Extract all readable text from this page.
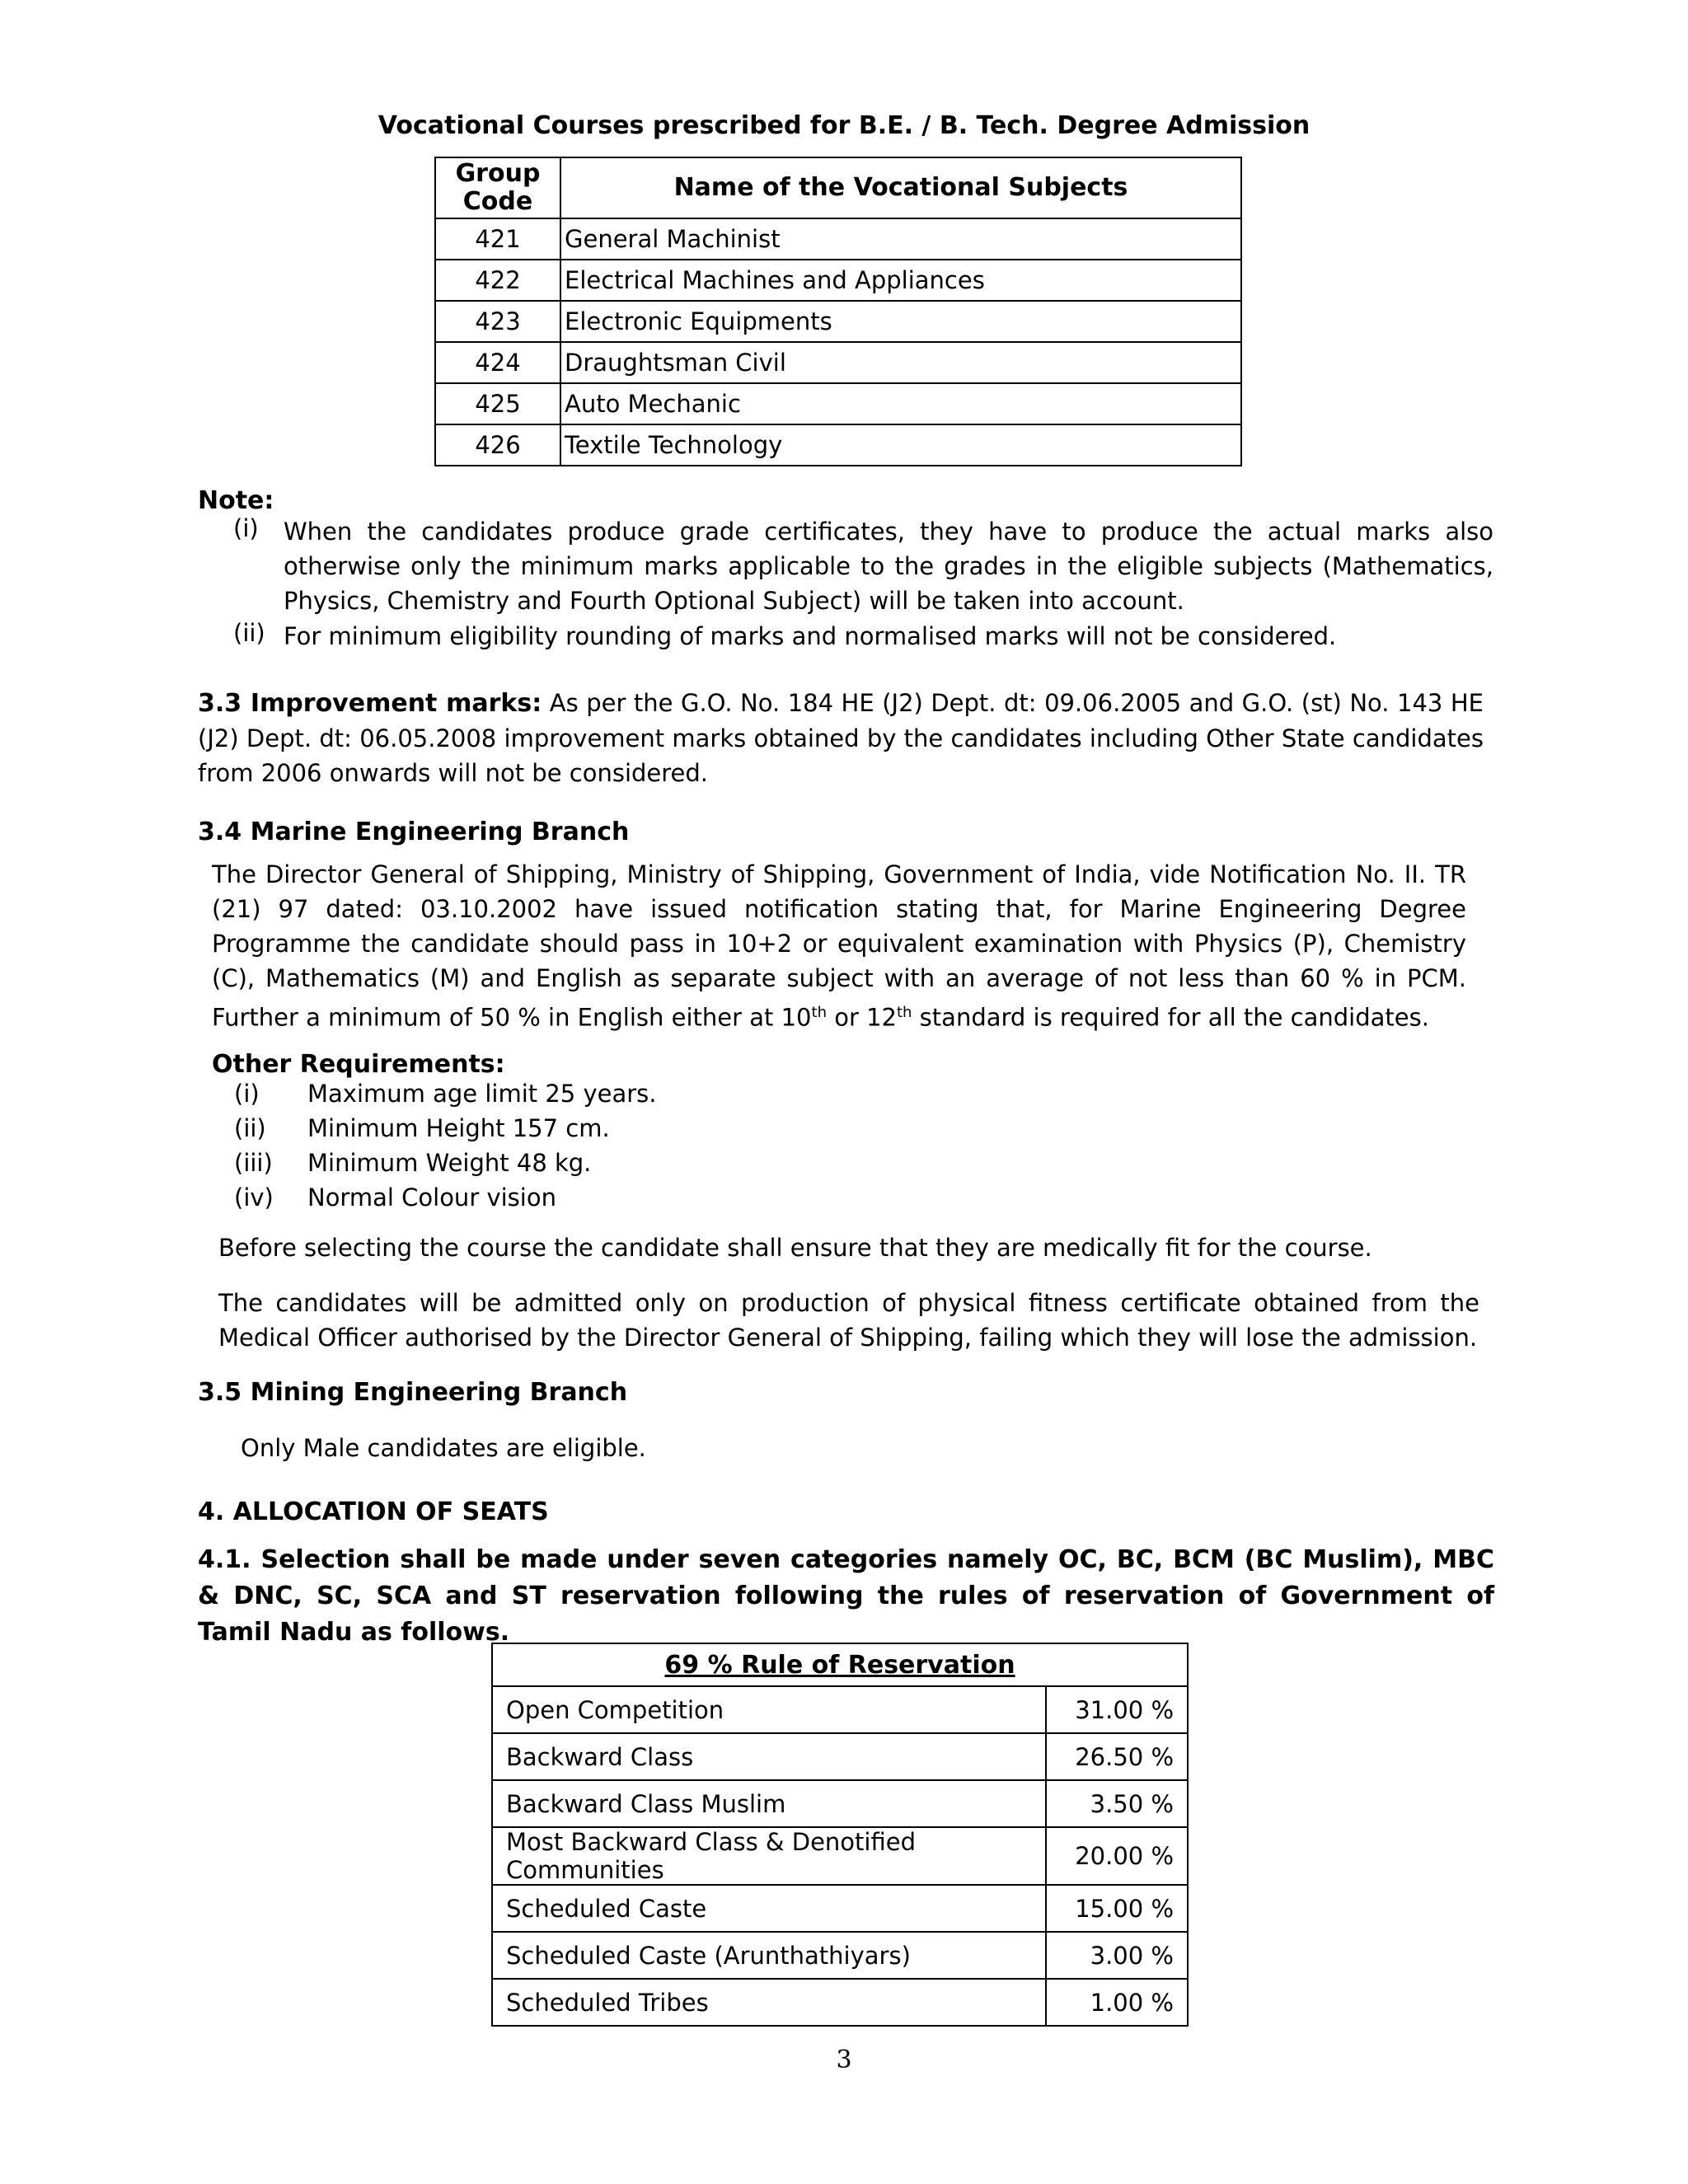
Vocational Courses prescribed for B.E. / B. Tech. Degree Admission
Group Code	Name of the Vocational Subjects
421	General Machinist
422	Electrical Machines and Appliances
423	Electronic Equipments
424	Draughtsman Civil
425	Auto Mechanic
426	Textile Technology
Note:
(i) When the candidates produce grade certificates, they have to produce the actual marks also otherwise only the minimum marks applicable to the grades in the eligible subjects (Mathematics, Physics, Chemistry and Fourth Optional Subject) will be taken into account.
(ii) For minimum eligibility rounding of marks and normalised marks will not be considered.
3.3 Improvement marks: As per the G.O. No. 184 HE (J2) Dept. dt: 09.06.2005 and G.O. (st) No. 143 HE (J2) Dept. dt: 06.05.2008 improvement marks obtained by the candidates including Other State candidates from 2006 onwards will not be considered.
3.4 Marine Engineering Branch
The Director General of Shipping, Ministry of Shipping, Government of India, vide Notification No. II. TR (21) 97 dated: 03.10.2002 have issued notification stating that, for Marine Engineering Degree Programme the candidate should pass in 10+2 or equivalent examination with Physics (P), Chemistry (C), Mathematics (M) and English as separate subject with an average of not less than 60 % in PCM. Further a minimum of 50 % in English either at 10th or 12th standard is required for all the candidates.
Other Requirements:
(i) Maximum age limit 25 years.
(ii) Minimum Height 157 cm.
(iii) Minimum Weight 48 kg.
(iv) Normal Colour vision
Before selecting the course the candidate shall ensure that they are medically fit for the course.
The candidates will be admitted only on production of physical fitness certificate obtained from the Medical Officer authorised by the Director General of Shipping, failing which they will lose the admission.
3.5 Mining Engineering Branch
Only Male candidates are eligible.
4. ALLOCATION OF SEATS
4.1. Selection shall be made under seven categories namely OC, BC, BCM (BC Muslim), MBC & DNC, SC, SCA and ST reservation following the rules of reservation of Government of Tamil Nadu as follows.
69 % Rule of Reservation	
Open Competition	31.00 %
Backward Class	26.50 %
Backward Class Muslim	3.50 %
Most Backward Class & Denotified Communities	20.00 %
Scheduled Caste	15.00 %
Scheduled Caste (Arunthathiyars)	3.00 %
Scheduled Tribes	1.00 %
3
